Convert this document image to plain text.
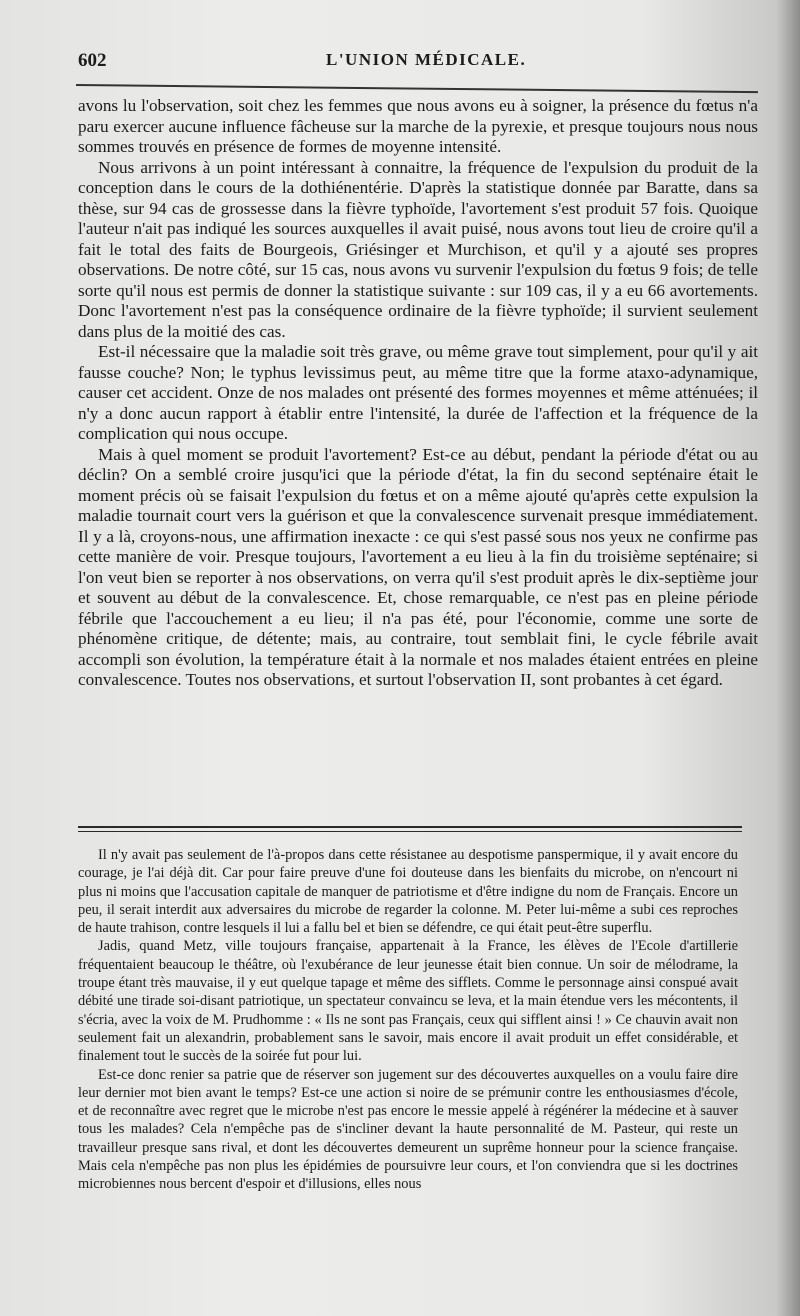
602	L'UNION MÉDICALE.

avons lu l'observation, soit chez les femmes que nous avons eu à soigner, la présence du fœtus n'a paru exercer aucune influence fâcheuse sur la marche de la pyrexie, et presque toujours nous nous sommes trouvés en présence de formes de moyenne intensité.

Nous arrivons à un point intéressant à connaitre, la fréquence de l'expulsion du produit de la conception dans le cours de la dothiénentérie. D'après la statistique donnée par Baratte, dans sa thèse, sur 94 cas de grossesse dans la fièvre typhoïde, l'avortement s'est produit 57 fois. Quoique l'auteur n'ait pas indiqué les sources auxquelles il avait puisé, nous avons tout lieu de croire qu'il a fait le total des faits de Bourgeois, Griésinger et Murchison, et qu'il y a ajouté ses propres observations. De notre côté, sur 15 cas, nous avons vu survenir l'expulsion du fœtus 9 fois; de telle sorte qu'il nous est permis de donner la statistique suivante : sur 109 cas, il y a eu 66 avortements. Donc l'avortement n'est pas la conséquence ordinaire de la fièvre typhoïde; il survient seulement dans plus de la moitié des cas.

Est-il nécessaire que la maladie soit très grave, ou même grave tout simplement, pour qu'il y ait fausse couche? Non; le typhus levissimus peut, au même titre que la forme ataxo-adynamique, causer cet accident. Onze de nos malades ont présenté des formes moyennes et même atténuées; il n'y a donc aucun rapport à établir entre l'intensité, la durée de l'affection et la fréquence de la complication qui nous occupe.

Mais à quel moment se produit l'avortement? Est-ce au début, pendant la période d'état ou au déclin? On a semblé croire jusqu'ici que la période d'état, la fin du second septénaire était le moment précis où se faisait l'expulsion du fœtus et on a même ajouté qu'après cette expulsion la maladie tournait court vers la guérison et que la convalescence survenait presque immédiatement. Il y a là, croyons-nous, une affirmation inexacte : ce qui s'est passé sous nos yeux ne confirme pas cette manière de voir. Presque toujours, l'avortement a eu lieu à la fin du troisième septénaire; si l'on veut bien se reporter à nos observations, on verra qu'il s'est produit après le dix-septième jour et souvent au début de la convalescence. Et, chose remarquable, ce n'est pas en pleine période fébrile que l'accouchement a eu lieu; il n'a pas été, pour l'économie, comme une sorte de phénomène critique, de détente; mais, au contraire, tout semblait fini, le cycle fébrile avait accompli son évolution, la température était à la normale et nos malades étaient entrées en pleine convalescence. Toutes nos observations, et surtout l'observation II, sont probantes à cet égard.

Il n'y avait pas seulement de l'à-propos dans cette résistanee au despotisme panspermique, il y avait encore du courage, je l'ai déjà dit. Car pour faire preuve d'une foi douteuse dans les bienfaits du microbe, on n'encourt ni plus ni moins que l'accusation capitale de manquer de patriotisme et d'être indigne du nom de Français. Encore un peu, il serait interdit aux adversaires du microbe de regarder la colonne. M. Peter lui-même a subi ces reproches de haute trahison, contre lesquels il lui a fallu bel et bien se défendre, ce qui était peut-être superflu.

Jadis, quand Metz, ville toujours française, appartenait à la France, les élèves de l'Ecole d'artillerie fréquentaient beaucoup le théâtre, où l'exubérance de leur jeunesse était bien connue. Un soir de mélodrame, la troupe étant très mauvaise, il y eut quelque tapage et même des sifflets. Comme le personnage ainsi conspué avait débité une tirade soi-disant patriotique, un spectateur convaincu se leva, et la main étendue vers les mécontents, il s'écria, avec la voix de M. Prudhomme : « Ils ne sont pas Français, ceux qui sifflent ainsi ! » Ce chauvin avait non seulement fait un alexandrin, probablement sans le savoir, mais encore il avait produit un effet considérable, et finalement tout le succès de la soirée fut pour lui.

Est-ce donc renier sa patrie que de réserver son jugement sur des découvertes auxquelles on a voulu faire dire leur dernier mot bien avant le temps? Est-ce une action si noire de se prémunir contre les enthousiasmes d'école, et de reconnaître avec regret que le microbe n'est pas encore le messie appelé à régénérer la médecine et à sauver tous les malades? Cela n'empêche pas de s'incliner devant la haute personnalité de M. Pasteur, qui reste un travailleur presque sans rival, et dont les découvertes demeurent un suprême honneur pour la science française. Mais cela n'empêche pas non plus les épidémies de poursuivre leur cours, et l'on conviendra que si les doctrines microbiennes nous bercent d'espoir et d'illusions, elles nous
